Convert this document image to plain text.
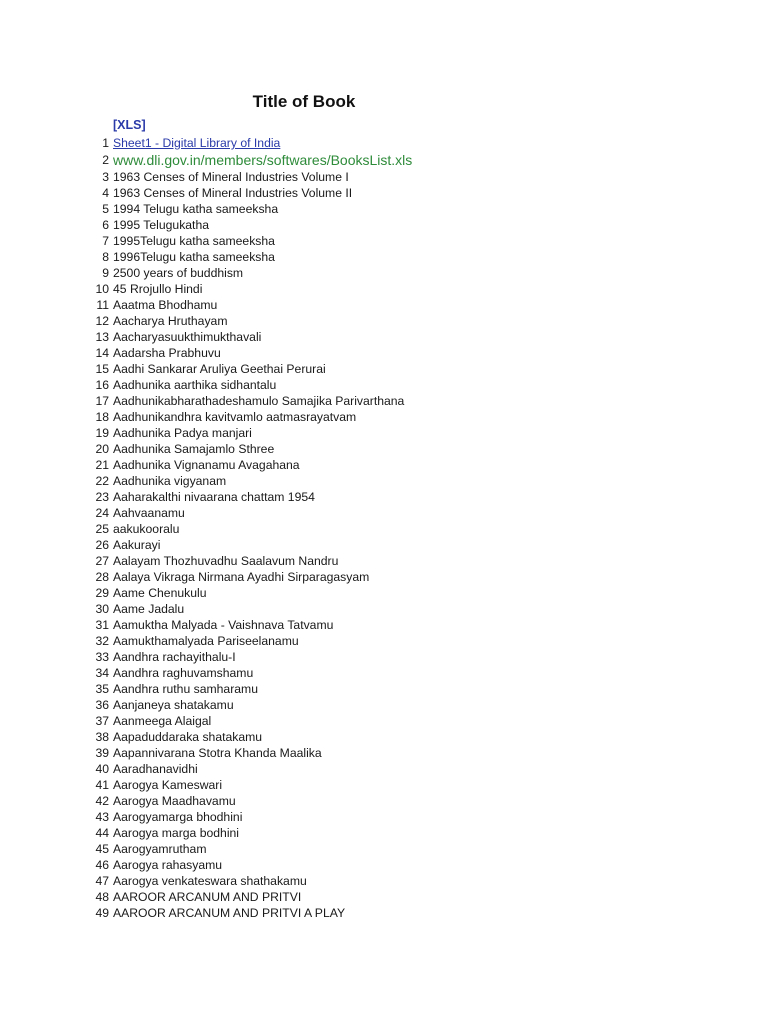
Title of Book
[XLS]
1 Sheet1 - Digital Library of India
2 www.dli.gov.in/members/softwares/BooksList.xls
3 1963 Censes of Mineral Industries Volume I
4 1963 Censes of Mineral Industries Volume II
5 1994 Telugu katha sameeksha
6 1995 Telugukatha
7 1995Telugu katha sameeksha
8 1996Telugu katha sameeksha
9 2500 years of buddhism
10 45 Rrojullo Hindi
11 Aaatma Bhodhamu
12 Aacharya Hruthayam
13 Aacharyasuukthimukthavali
14 Aadarsha Prabhuvu
15 Aadhi Sankarar Aruliya Geethai Perurai
16 Aadhunika aarthika sidhantalu
17 Aadhunikabharathadeshamulo Samajika Parivarthana
18 Aadhunikandhra kavitvamlo aatmasrayatvam
19 Aadhunika Padya manjari
20 Aadhunika Samajamlo Sthree
21 Aadhunika Vignanamu Avagahana
22 Aadhunika vigyanam
23 Aaharakalthi nivaarana chattam 1954
24 Aahvaanamu
25 aakukooralu
26 Aakurayi
27 Aalayam Thozhuvadhu Saalavum Nandru
28 Aalaya Vikraga Nirmana Ayadhi Sirparagasyam
29 Aame Chenukulu
30 Aame Jadalu
31 Aamuktha Malyada - Vaishnava Tatvamu
32 Aamukthamalyada Pariseelanamu
33 Aandhra rachayithalu-I
34 Aandhra raghuvamshamu
35 Aandhra ruthu samharamu
36 Aanjaneya shatakamu
37 Aanmeega Alaigal
38 Aapaduddaraka shatakamu
39 Aapannivarana Stotra Khanda Maalika
40 Aaradhanavidhi
41 Aarogya Kameswari
42 Aarogya Maadhavamu
43 Aarogyamarga bhodhini
44 Aarogya marga bodhini
45 Aarogyamrutham
46 Aarogya rahasyamu
47 Aarogya venkateswara shathakamu
48 AAROOR ARCANUM AND PRITVI
49 AAROOR ARCANUM AND PRITVI A PLAY
